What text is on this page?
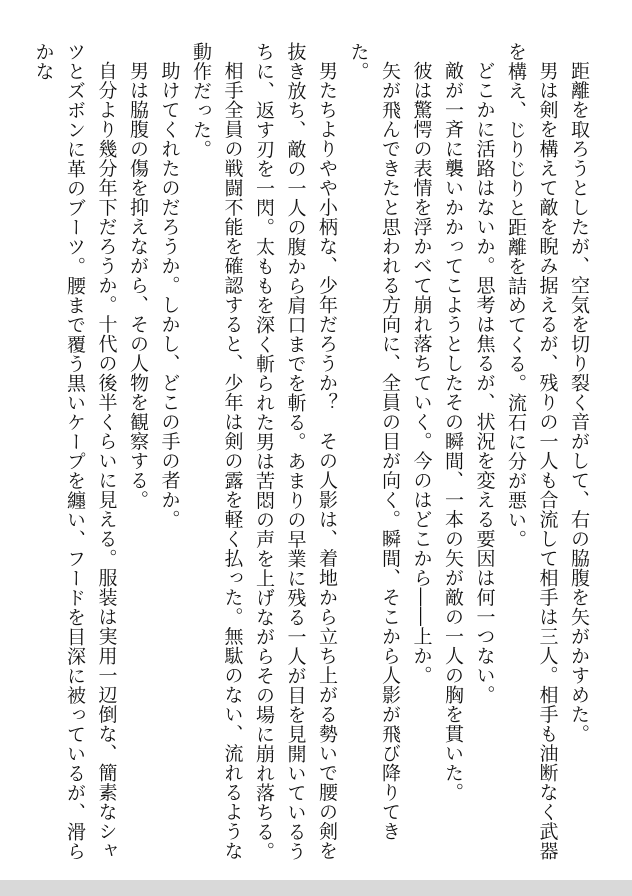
距離を取ろうとしたが、空気を切り裂く音がして、右の脇腹を矢がかすめた。

男は剣を構えて敵を睨み据えるが、残りの一人も合流して相手は三人。相手も油断なく武器を構え、じりじりと距離を詰めてくる。流石に分が悪い。

どこかに活路はないか。思考は焦るが、状況を変える要因は何一つない。

敵が一斉に襲いかかってこようとしたその瞬間、一本の矢が敵の一人の胸を貫いた。

彼は驚愕の表情を浮かべて崩れ落ちていく。今のはどこから――上か。

矢が飛んできたと思われる方向に、全員の目が向く。瞬間、そこから人影が飛び降りてきた。

男たちよりやや小柄な、少年だろうか？　その人影は、着地から立ち上がる勢いで腰の剣を抜き放ち、敵の一人の腹から肩口までを斬る。あまりの早業に残る一人が目を見開いているうちに、返す刃を一閃。太ももを深く斬られた男は苦悶の声を上げながらその場に崩れ落ちる。

相手全員の戦闘不能を確認すると、少年は剣の露を軽く払った。無駄のない、流れるような動作だった。

助けてくれたのだろうか。しかし、どこの手の者か。

男は脇腹の傷を抑えながら、その人物を観察する。

自分より幾分年下だろうか。十代の後半くらいに見える。服装は実用一辺倒な、簡素なシャツとズボンに革のブーツ。腰まで覆う黒いケープを纏い、フードを目深に被っているが、滑らかな
